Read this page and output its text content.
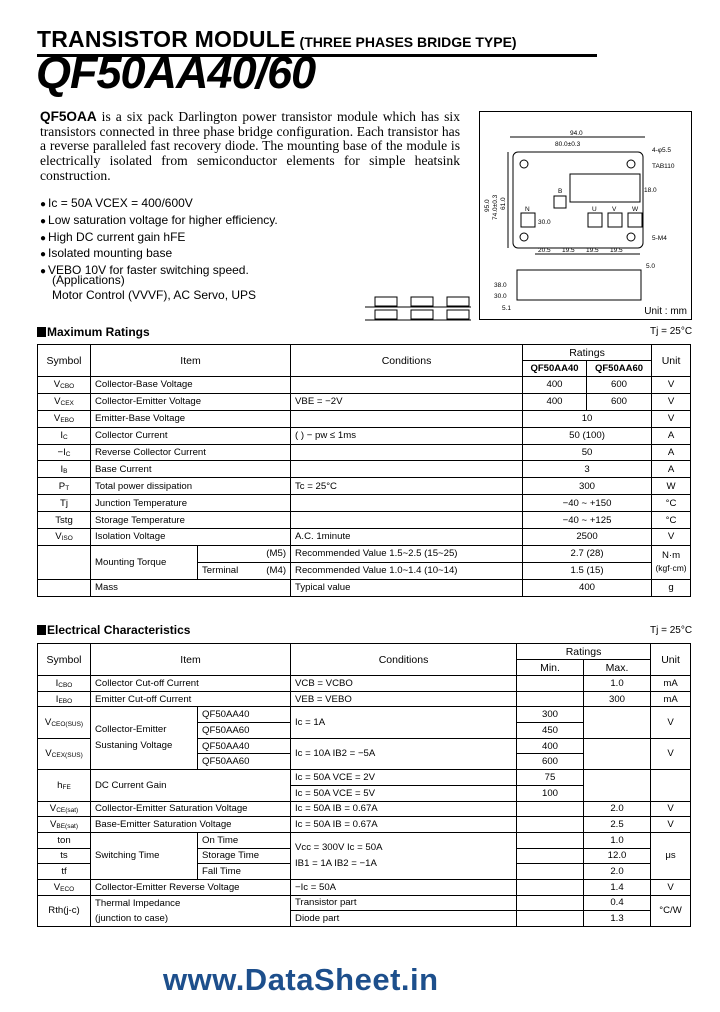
TRANSISTOR MODULE (THREE PHASES BRIDGE TYPE)
QF50AA40/60
QF5OAA is a six pack Darlington power transistor module which has six transistors connected in three phase bridge configuration. Each transistor has a reverse paralleled fast recovery diode. The mounting base of the module is electrically isolated from semiconductor elements for simple heatsink construction.
● Ic = 50A VCEX = 400/600V
● Low saturation voltage for higher efficiency.
● High DC current gain hFE
● Isolated mounting base
● VEBO 10V for faster switching speed.
(Applications)
Motor Control (VVVF), AC Servo, UPS
94.0
80.0±0.3
4-φ5.5
TAB110
18.0
5-M4
95.0 74.0±0.3 61.0
30.0
20.5 19.5 19.5 19.5
5.0
38.0
30.0
5.1
B
N	U V W
Unit : mm
Maximum Ratings	Tj = 25°C
Symbol	Item		Conditions	Ratings		Unit
				QF50AA40	QF50AA60	
$V_{CBO}$	Collector-Base Voltage			400	600	V
$V_{CEX}$	Collector-Emitter Voltage		VBE = −2V	400	600	V
$V_{EBO}$	Emitter-Base Voltage			10		V
$I_C$	Collector Current		( ) − pw ≤ 1ms	50 (100)		A
$-I_C$	Reverse Collector Current			50		A
$I_B$	Base Current			3		A
$P_T$	Total power dissipation		Tc = 25°C	300		W
Tj	Junction Temperature			−40 ~ +150		°C
Tstg	Storage Temperature			−40 ~ +125		°C
$V_{ISO}$	Isolation Voltage		A.C. 1minute	2500		V
	Mounting Torque	(M5)	Recommended Value 1.5~2.5 (15~25)	2.7 (28)		N·m
(kgf·cm)
		Terminal (M4)	Recommended Value 1.0~1.4 (10~14)	1.5 (15)		
	Mass		Typical value	400		g
Electrical Characteristics	Tj = 25°C
Symbol	Item		Conditions	Ratings		Unit
				Min.	Max.	
$I_{CBO}$	Collector Cut-off Current		VCB = VCBO		1.0	mA
$I_{EBO}$	Emitter Cut-off Current		VEB = VEBO		300	mA
$V_{CEO(SUS)}$	Collector-Emitter
Sustaning Voltage	QF50AA40	Ic = 1A	300		V
		QF50AA60		450		
$V_{CEX(SUS)}$		QF50AA40	Ic = 10A IB2 = −5A	400		V
		QF50AA60		600		
$h_{FE}$	DC Current Gain		Ic = 50A VCE = 2V	75		
			Ic = 50A VCE = 5V	100		
$V_{CE(sat)}$	Collector-Emitter Saturation Voltage		Ic = 50A IB = 0.67A		2.0	V
$V_{BE(sat)}$	Base-Emitter Saturation Voltage		Ic = 50A IB = 0.67A		2.5	V
ton	Switching Time	On Time	Vcc = 300V Ic = 50A
IB1 = 1A IB2 = −1A		1.0	μs
ts		Storage Time			12.0	
tf		Fall Time			2.0	
$V_{ECO}$	Collector-Emitter Reverse Voltage		−Ic = 50A		1.4	V
Rth(j-c)	Thermal Impedance		Transistor part		0.4	°C/W
	(junction to case)		Diode part		1.3	
www.DataSheet.in
